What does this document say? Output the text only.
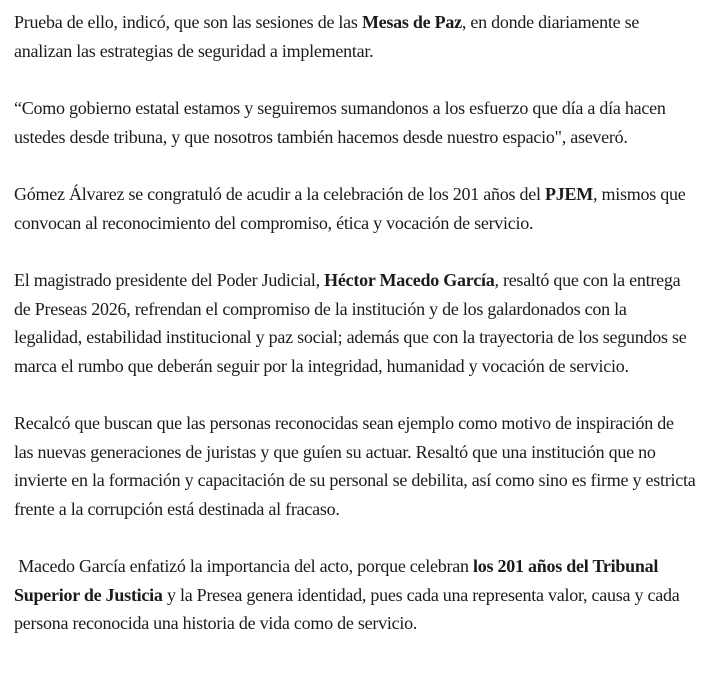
Prueba de ello, indicó, que son las sesiones de las Mesas de Paz, en donde diariamente se analizan las estrategias de seguridad a implementar.

“Como gobierno estatal estamos y seguiremos sumandonos a los esfuerzo que día a día hacen ustedes desde tribuna, y que nosotros también hacemos desde nuestro espacio", aseveró.

Gómez Álvarez se congratuló de acudir a la celebración de los 201 años del PJEM, mismos que convocan al reconocimiento del compromiso, ética y vocación de servicio.

El magistrado presidente del Poder Judicial, Héctor Macedo García, resaltó que con la entrega de Preseas 2026, refrendan el compromiso de la institución y de los galardonados con la legalidad, estabilidad institucional y paz social; además que con la trayectoria de los segundos se marca el rumbo que deberán seguir por la integridad, humanidad y vocación de servicio.

Recalcó que buscan que las personas reconocidas sean ejemplo como motivo de inspiración de las nuevas generaciones de juristas y que guíen su actuar. Resaltó que una institución que no invierte en la formación y capacitación de su personal se debilita, así como sino es firme y estricta frente a la corrupción está destinada al fracaso.

Macedo García enfatizó la importancia del acto, porque celebran los 201 años del Tribunal Superior de Justicia y la Presea genera identidad, pues cada una representa valor, causa y cada persona reconocida una historia de vida como de servicio.
